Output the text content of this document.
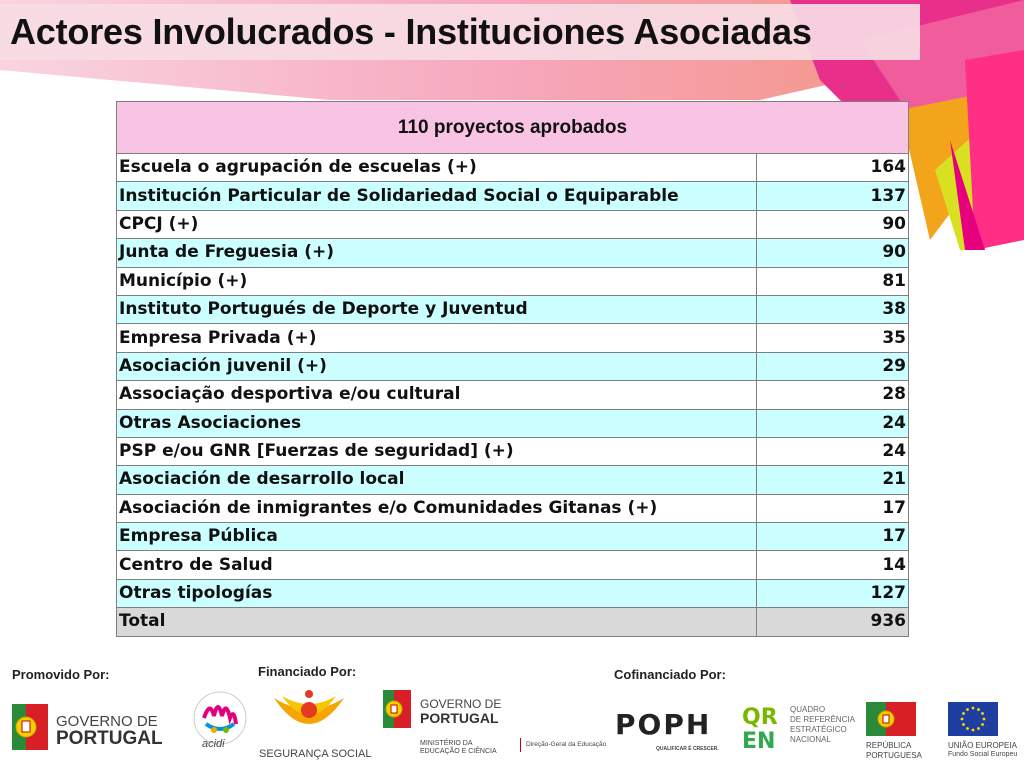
Actores Involucrados - Instituciones Asociadas
110 proyectos aprobados	
Escuela o agrupación de escuelas (+)	164
Institución Particular de Solidariedad Social o Equiparable	137
CPCJ (+)	90
Junta de Freguesia (+)	90
Município (+)	81
Instituto Portugués de Deporte y Juventud	38
Empresa Privada (+)	35
Asociación juvenil (+)	29
Associação desportiva e/ou cultural	28
Otras Asociaciones	24
PSP e/ou GNR [Fuerzas de seguridad] (+)	24
Asociación de desarrollo local	21
Asociación de inmigrantes e/o Comunidades Gitanas (+)	17
Empresa Pública	17
Centro de Salud	14
Otras tipologías	127
Total	936
Promovido Por:	Financiado Por:	Cofinanciado Por:
GOVERNO DE
PORTUGAL	acidi
SEGURANÇA SOCIAL
GOVERNO DE
PORTUGAL
MINISTÉRIO DA EDUCAÇÃO E CIÊNCIA
Direção-Geral da Educação
POPH
QUALIFICAR É CRESCER.
QR
EN
QUADRO
DE REFERÊNCIA
ESTRATÉGICO
NACIONAL
REPÚBLICA
PORTUGUESA
UNIÃO EUROPEIA
Fundo Social Europeu
